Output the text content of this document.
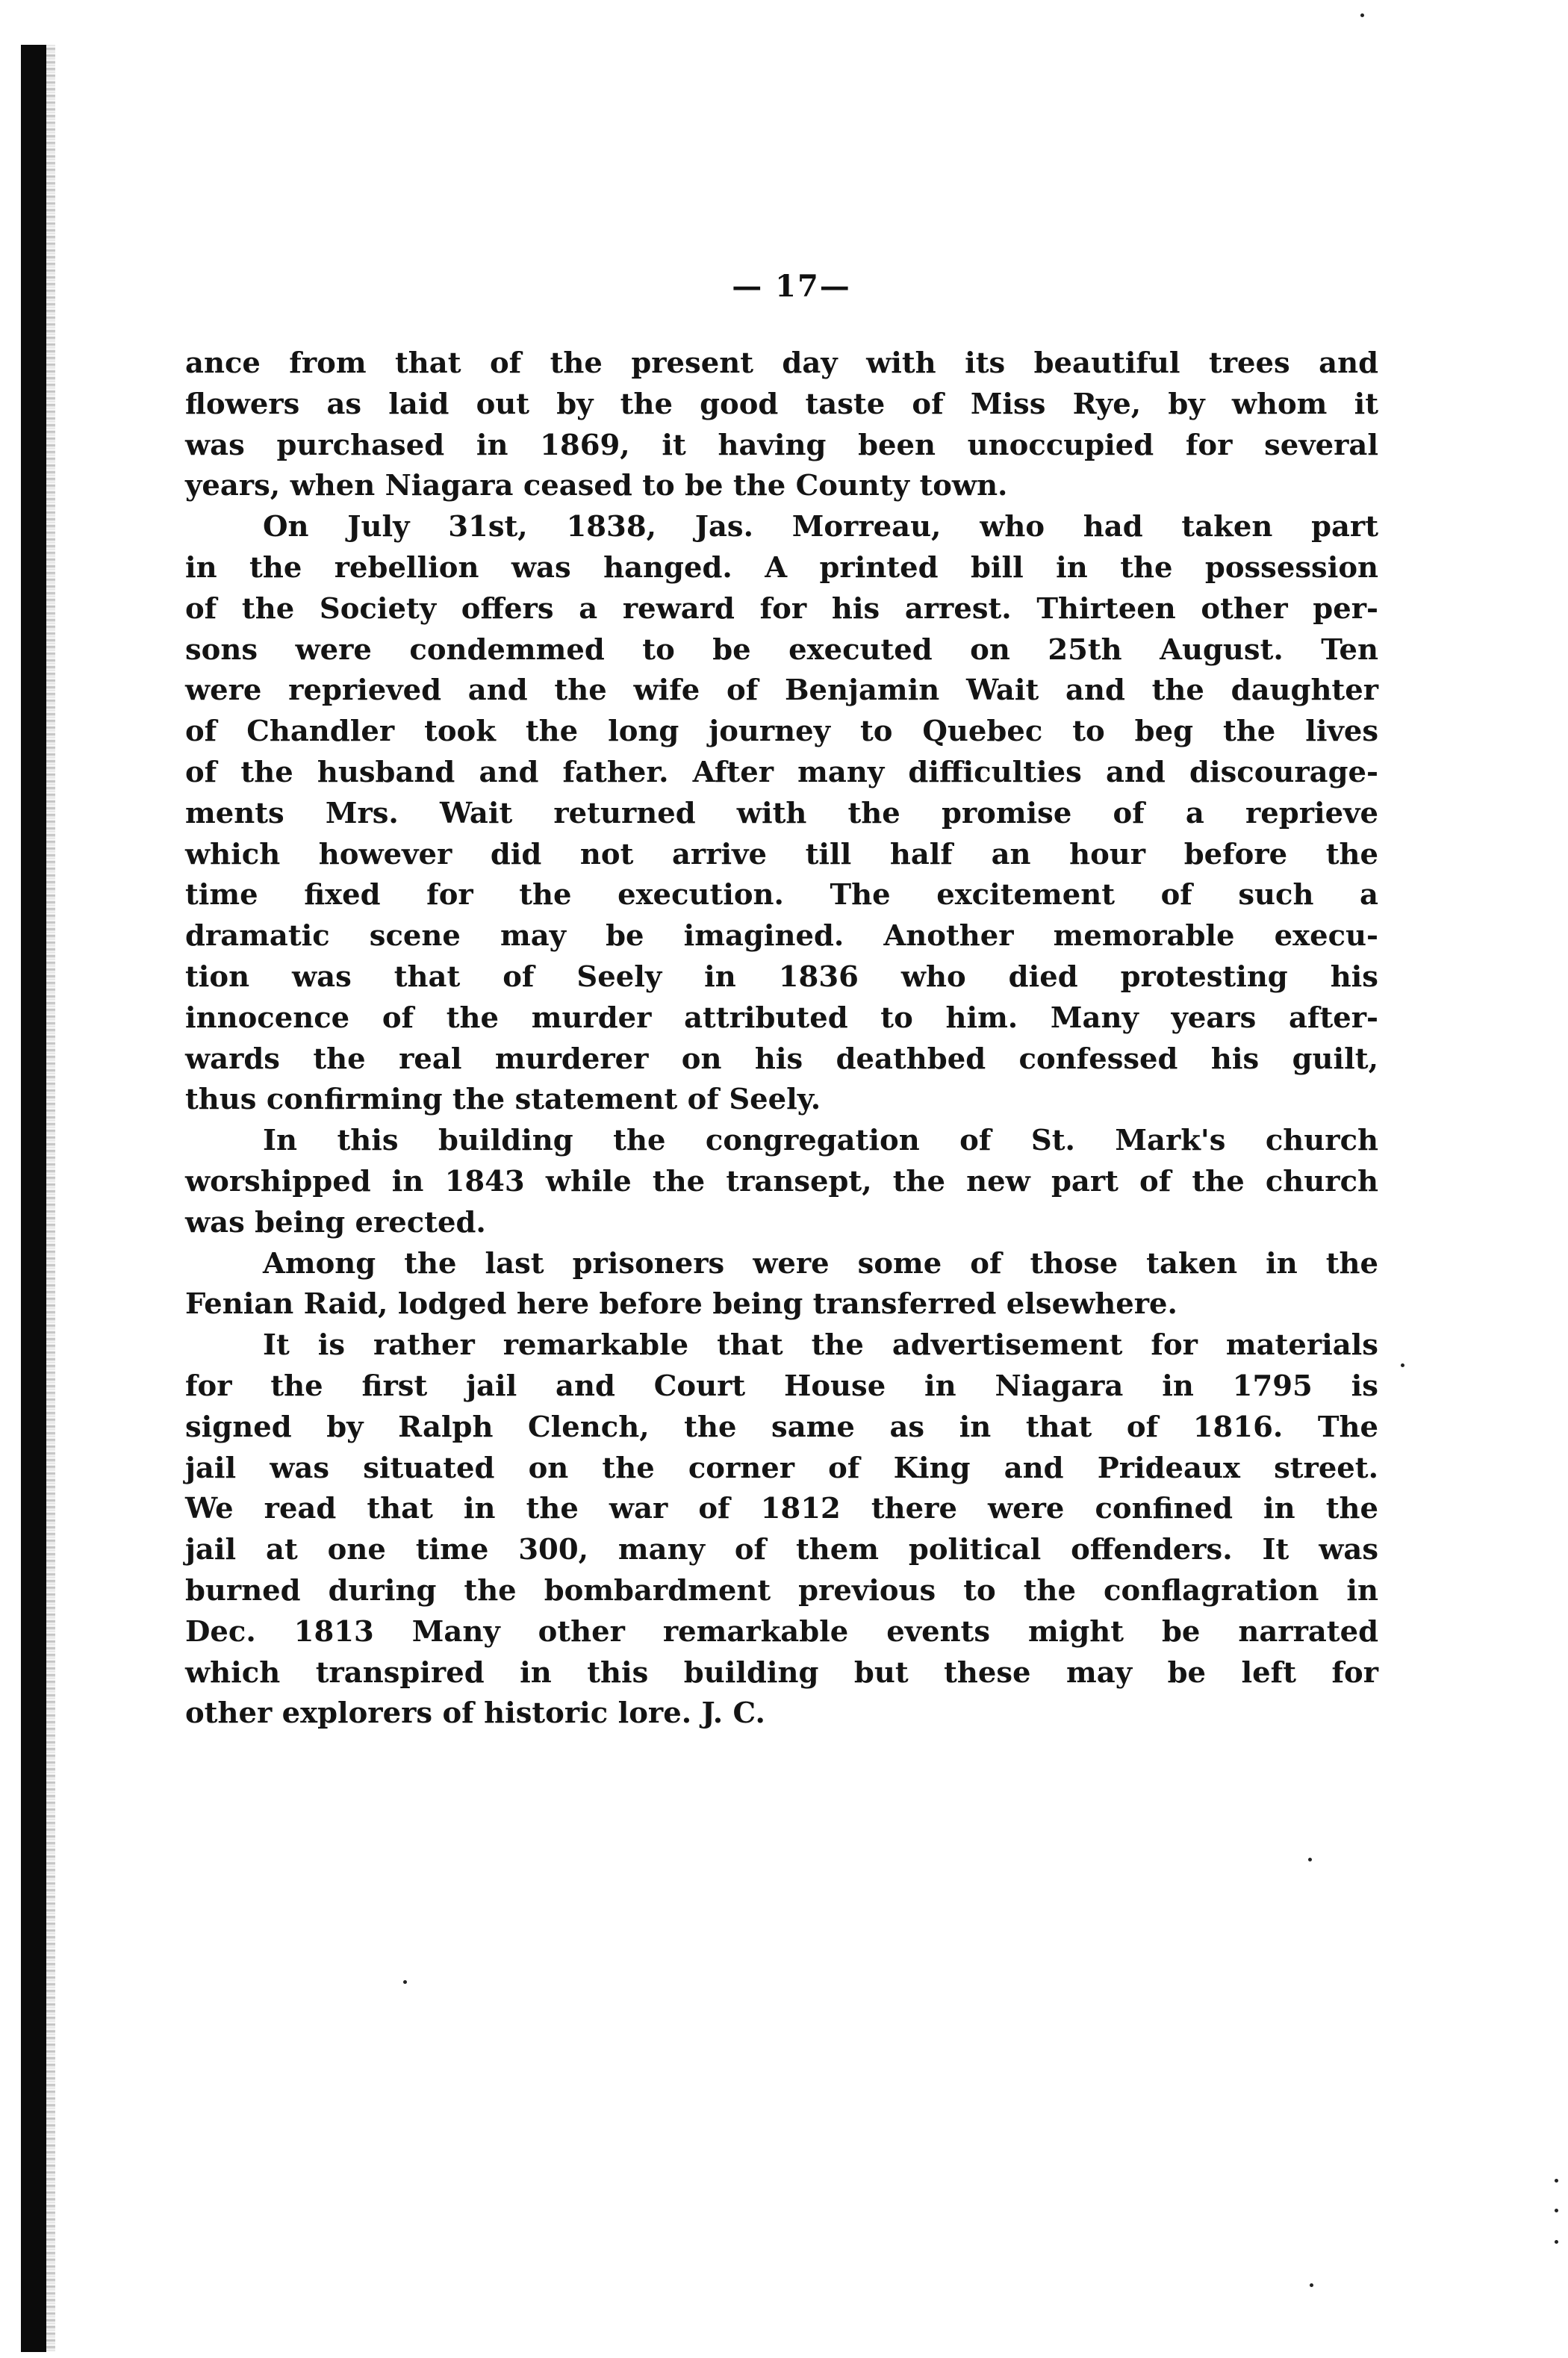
— 17—
ance from that of the present day with its beautiful trees and
flowers as laid out by the good taste of Miss Rye, by whom it
was purchased in 1869, it having been unoccupied for several
years, when Niagara ceased to be the County town.
On July 31st, 1838, Jas. Morreau, who had taken part
in the rebellion was hanged. A printed bill in the possession
of the Society offers a reward for his arrest. Thirteen other per-
sons were condemmed to be executed on 25th August. Ten
were reprieved and the wife of Benjamin Wait and the daughter
of Chandler took the long journey to Quebec to beg the lives
of the husband and father. After many difficulties and discourage-
ments Mrs. Wait returned with the promise of a reprieve
which however did not arrive till half an hour before the
time fixed for the execution. The excitement of such a
dramatic scene may be imagined. Another memorable execu-
tion was that of Seely in 1836 who died protesting his
innocence of the murder attributed to him. Many years after-
wards the real murderer on his deathbed confessed his guilt,
thus confirming the statement of Seely.
In this building the congregation of St. Mark's church
worshipped in 1843 while the transept, the new part of the church
was being erected.
Among the last prisoners were some of those taken in the
Fenian Raid, lodged here before being transferred elsewhere.
It is rather remarkable that the advertisement for materials
for the first jail and Court House in Niagara in 1795 is
signed by Ralph Clench, the same as in that of 1816. The
jail was situated on the corner of King and Prideaux street.
We read that in the war of 1812 there were confined in the
jail at one time 300, many of them political offenders. It was
burned during the bombardment previous to the conflagration in
Dec. 1813 Many other remarkable events might be narrated
which transpired in this building but these may be left for
other explorers of historic lore. J. C.
